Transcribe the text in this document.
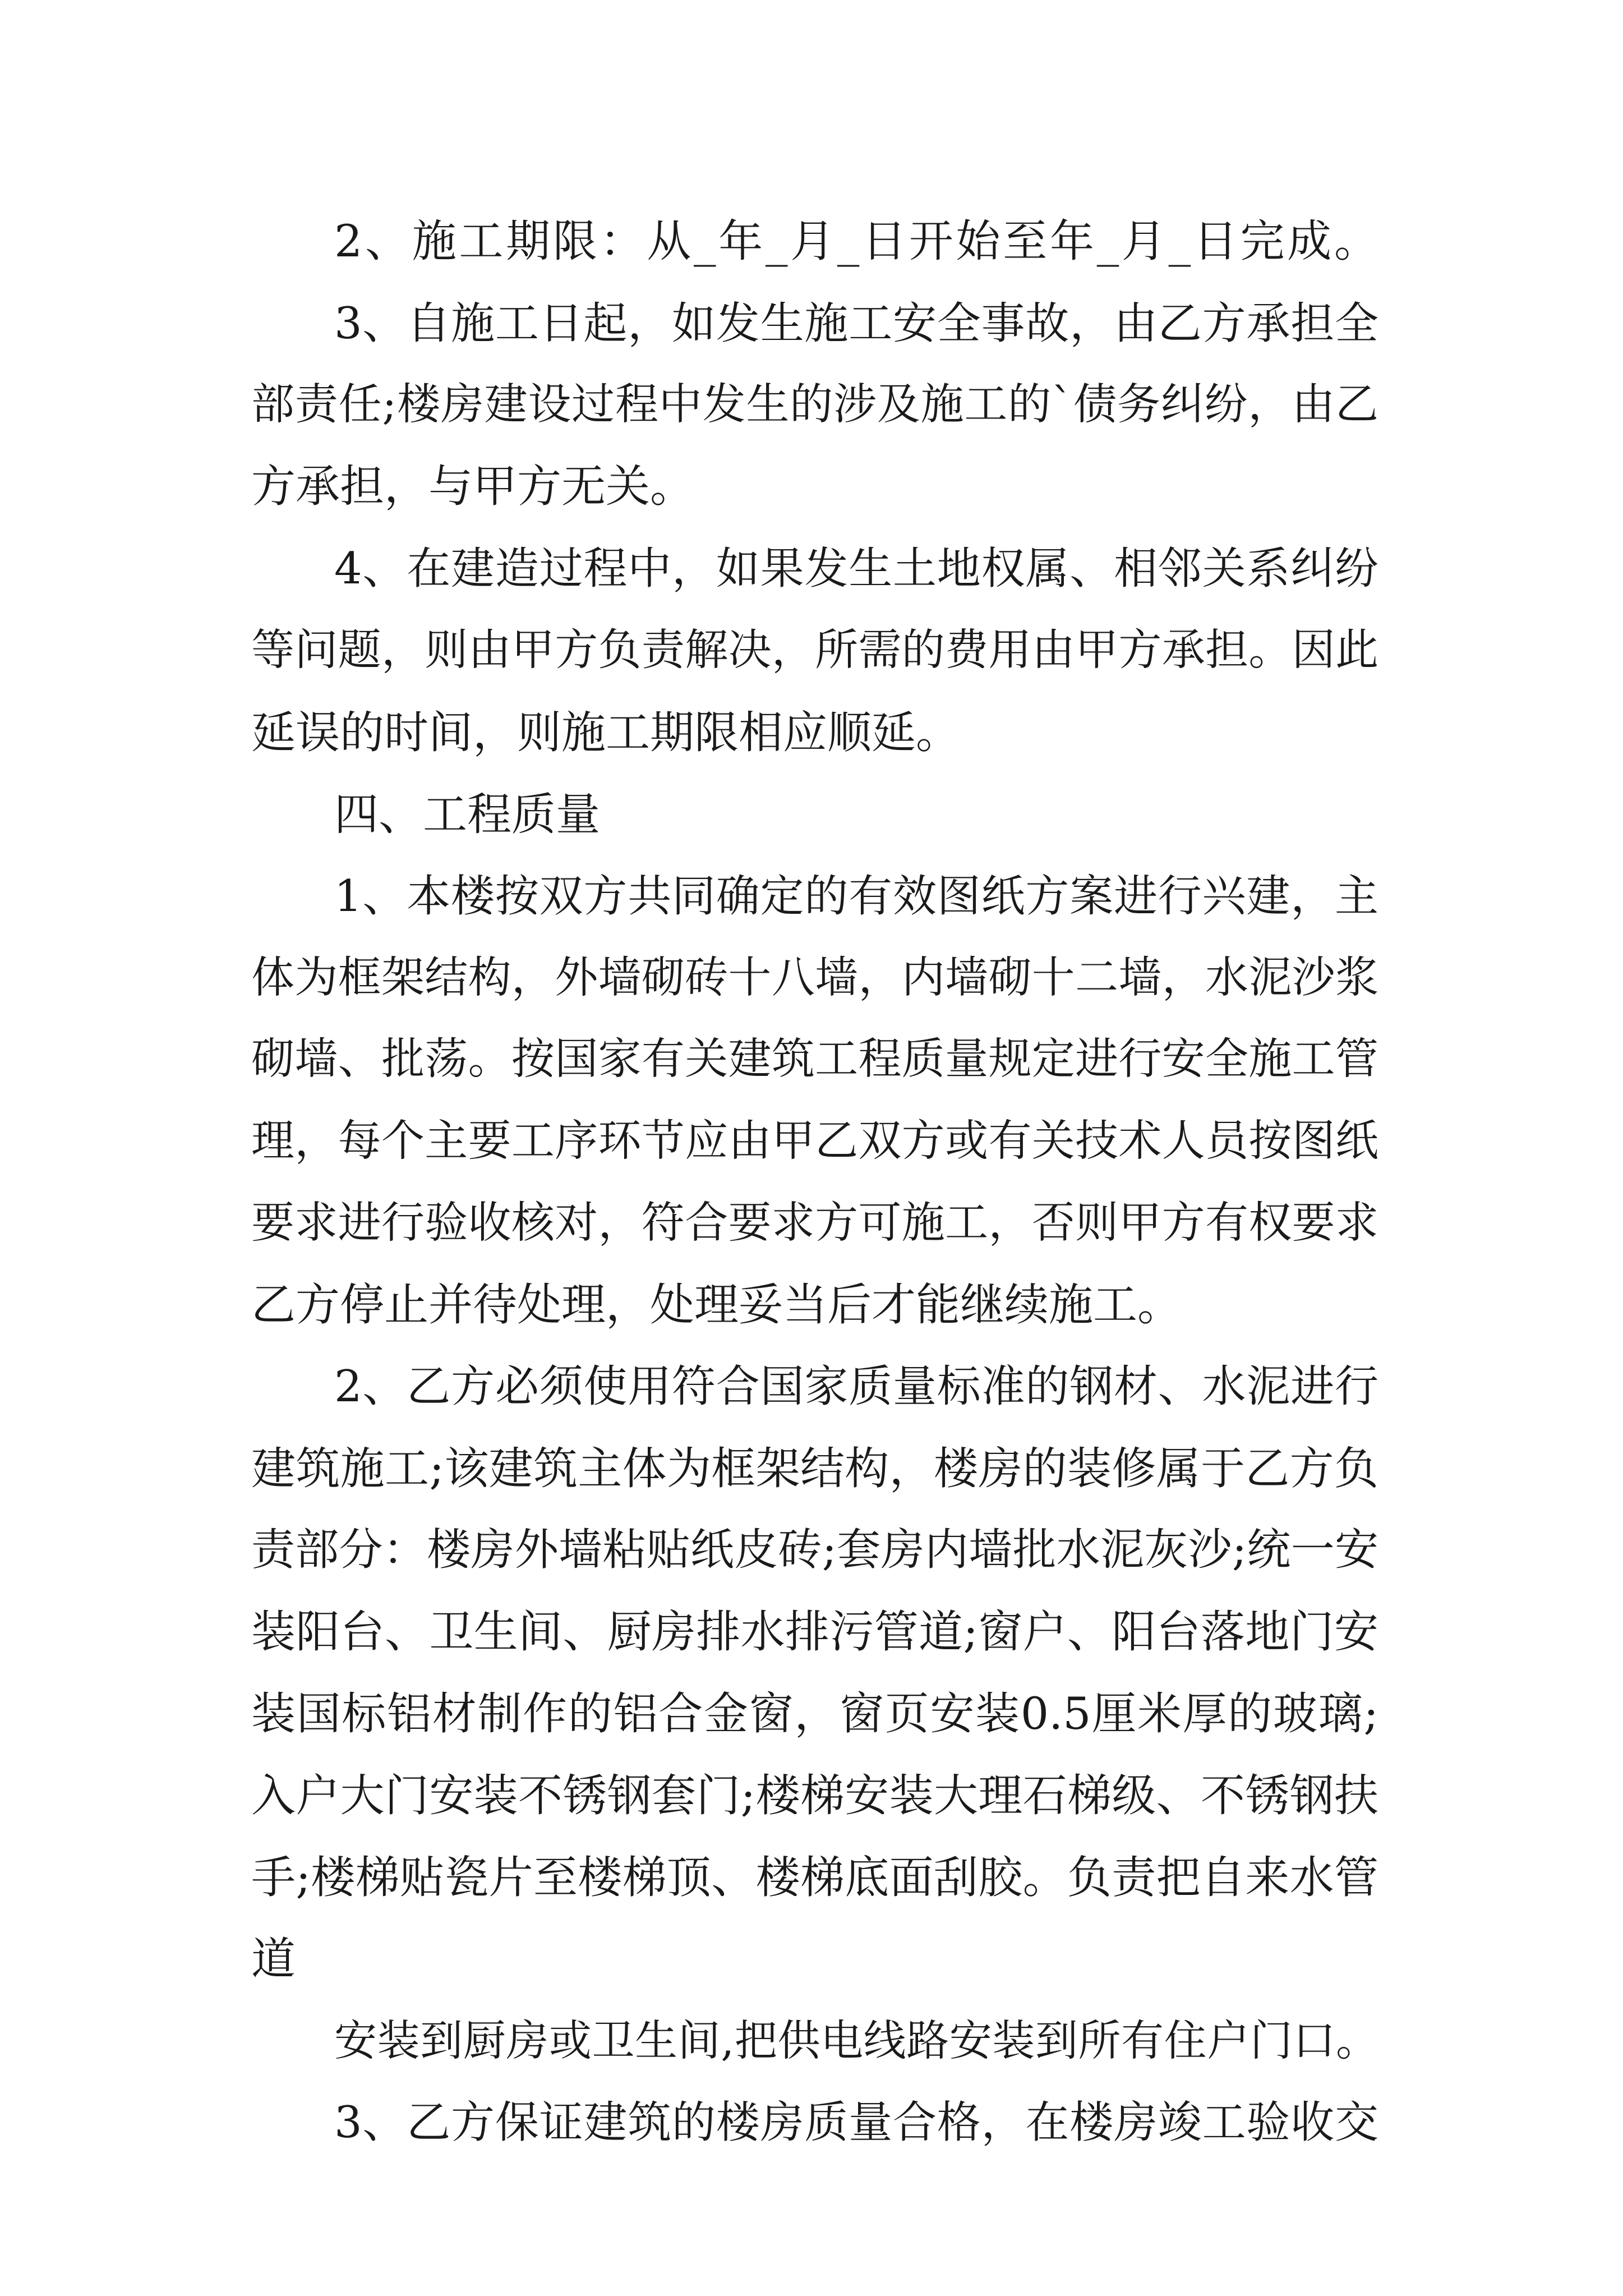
2、施工期限：从_年_月_日开始至年_月_日完成。
3、自施工日起，如发生施工安全事故，由乙方承担全
部责任;楼房建设过程中发生的涉及施工的`债务纠纷，由乙
方承担，与甲方无关。
4、在建造过程中，如果发生土地权属、相邻关系纠纷
等问题，则由甲方负责解决，所需的费用由甲方承担。因此
延误的时间，则施工期限相应顺延。
四、工程质量
1、本楼按双方共同确定的有效图纸方案进行兴建，主
体为框架结构，外墙砌砖十八墙，内墙砌十二墙，水泥沙浆
砌墙、批荡。按国家有关建筑工程质量规定进行安全施工管
理，每个主要工序环节应由甲乙双方或有关技术人员按图纸
要求进行验收核对，符合要求方可施工，否则甲方有权要求
乙方停止并待处理，处理妥当后才能继续施工。
2、乙方必须使用符合国家质量标准的钢材、水泥进行
建筑施工;该建筑主体为框架结构，楼房的装修属于乙方负
责部分：楼房外墙粘贴纸皮砖;套房内墙批水泥灰沙;统一安
装阳台、卫生间、厨房排水排污管道;窗户、阳台落地门安
装国标铝材制作的铝合金窗，窗页安装0.5厘米厚的玻璃;
入户大门安装不锈钢套门;楼梯安装大理石梯级、不锈钢扶
手;楼梯贴瓷片至楼梯顶、楼梯底面刮胶。负责把自来水管
道
安装到厨房或卫生间,把供电线路安装到所有住户门口。
3、乙方保证建筑的楼房质量合格，在楼房竣工验收交
